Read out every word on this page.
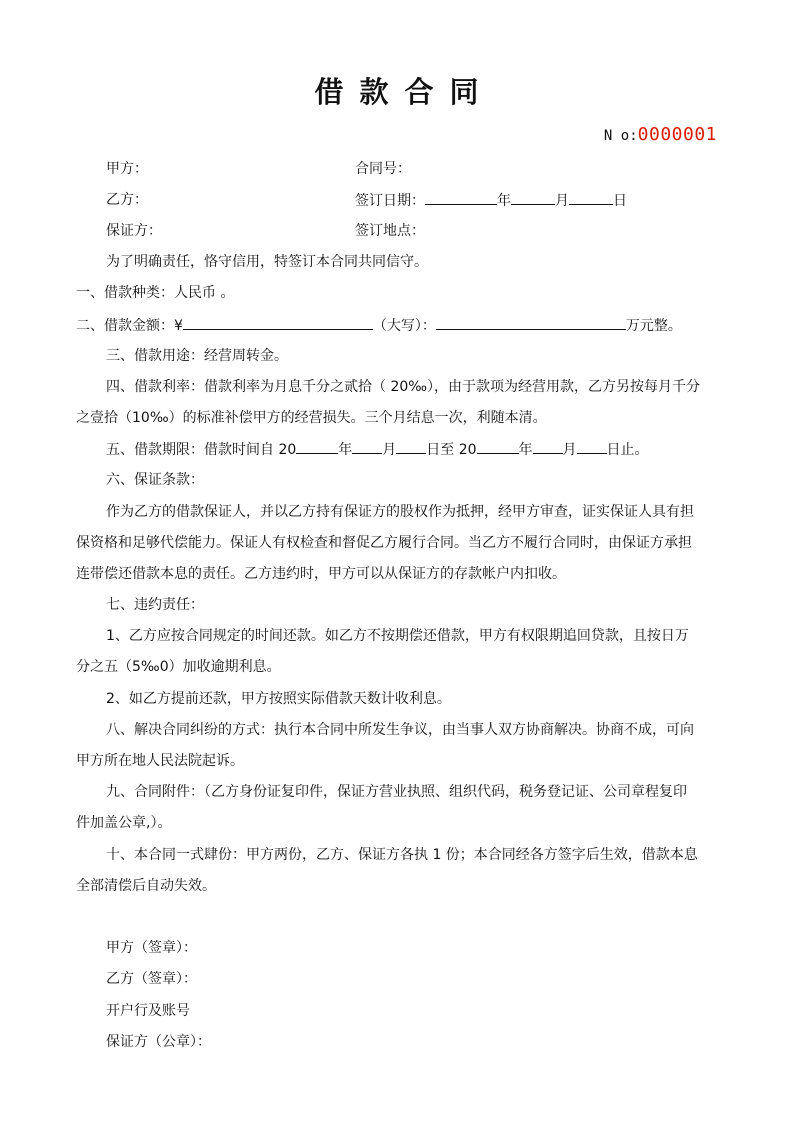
借款合同
N o:0000001
甲方：	合同号：
乙方：	签订日期：	年	月	日
保证方：	签订地点：
为了明确责任，恪守信用，特签订本合同共同信守。
一、借款种类：人民币 。
二、借款金额：¥	（大写）：	万元整。
三、借款用途：经营周转金。
四、借款利率：借款利率为月息千分之贰拾（ 20‰），由于款项为经营用款，乙方另按每月千分
之壹拾（10‰）的标准补偿甲方的经营损失。三个月结息一次，利随本清。
五、借款期限：借款时间自 20	年 月 日至 20	年 月 日止。
六、保证条款：
作为乙方的借款保证人，并以乙方持有保证方的股权作为抵押，经甲方审查，证实保证人具有担
保资格和足够代偿能力。保证人有权检查和督促乙方履行合同。当乙方不履行合同时，由保证方承担
连带偿还借款本息的责任。乙方违约时，甲方可以从保证方的存款帐户内扣收。
七、违约责任：
1、乙方应按合同规定的时间还款。如乙方不按期偿还借款，甲方有权限期追回贷款，且按日万
分之五（5‰0）加收逾期利息。
2、如乙方提前还款，甲方按照实际借款天数计收利息。
八、解决合同纠纷的方式：执行本合同中所发生争议，由当事人双方协商解决。协商不成，可向
甲方所在地人民法院起诉。
九、合同附件：（乙方身份证复印件，保证方营业执照、组织代码，税务登记证、公司章程复印
件加盖公章,）。
十、本合同一式肆份：甲方两份，乙方、保证方各执 1 份；本合同经各方签字后生效，借款本息
全部清偿后自动失效。
甲方（签章）：
乙方（签章）：
开户行及账号
保证方（公章）：
